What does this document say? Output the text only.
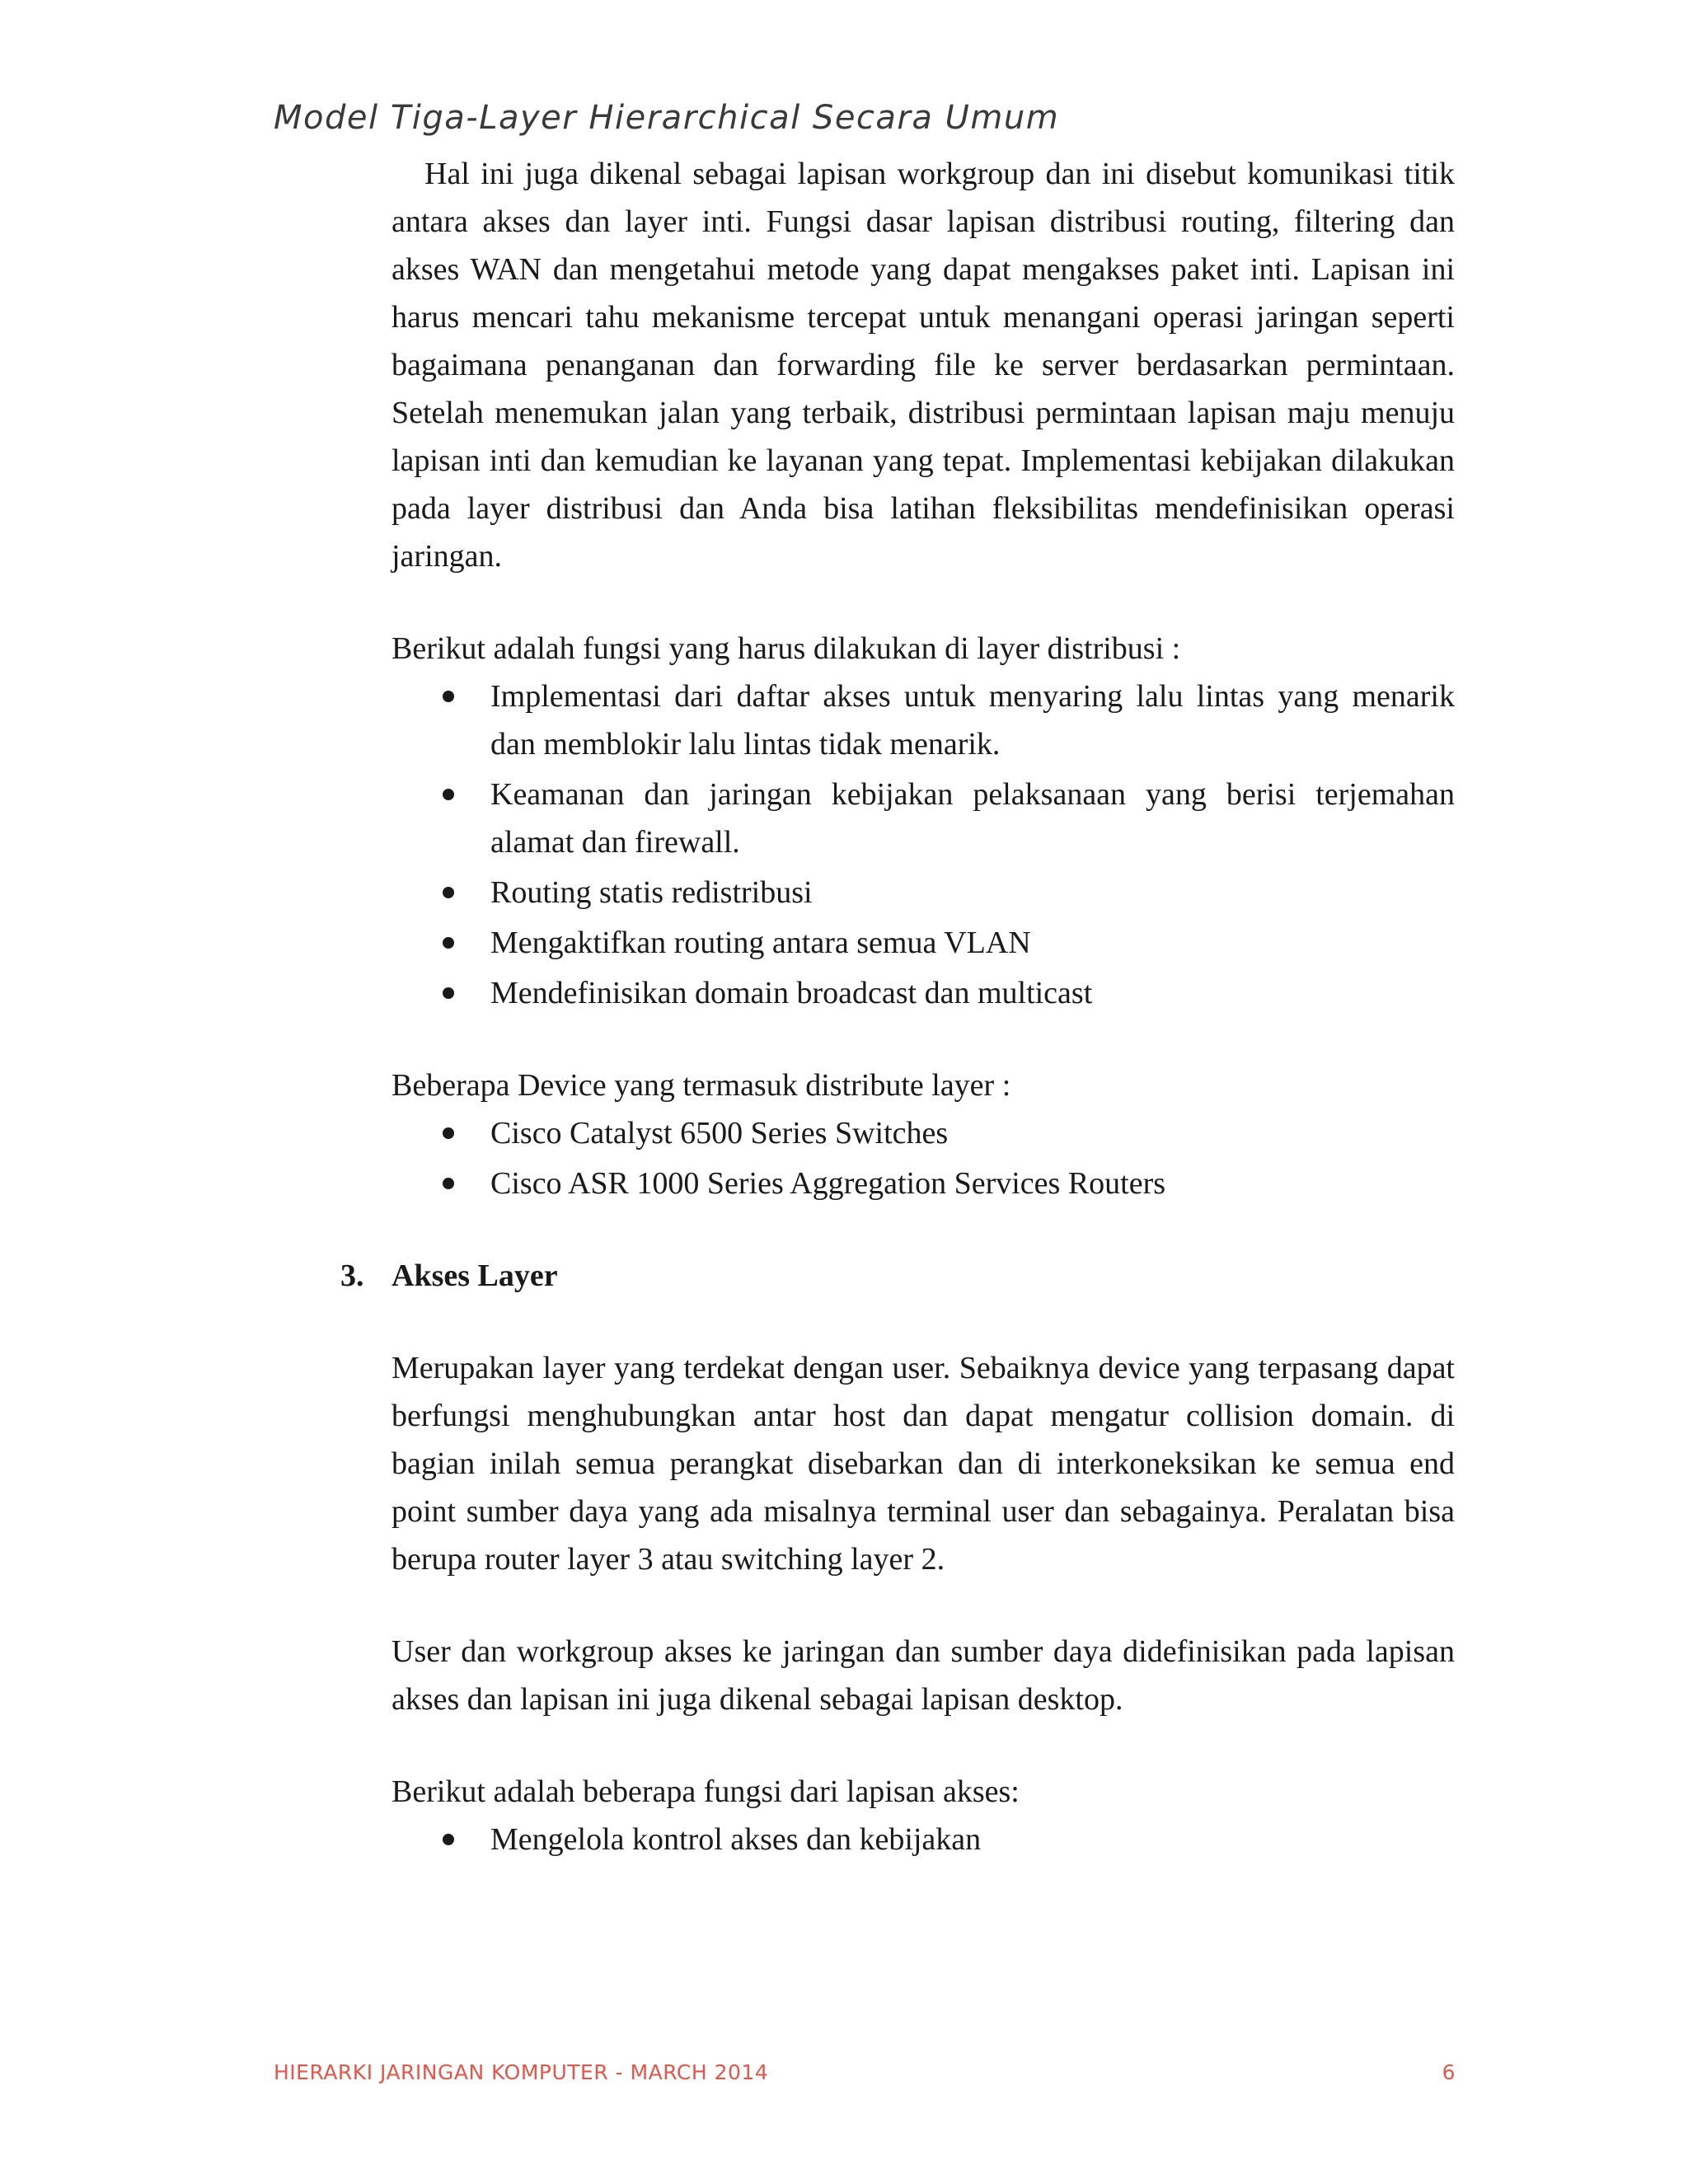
Model Tiga-Layer Hierarchical Secara Umum

Hal ini juga dikenal sebagai lapisan workgroup dan ini disebut komunikasi titik antara akses dan layer inti. Fungsi dasar lapisan distribusi routing, filtering dan akses WAN dan mengetahui metode yang dapat mengakses paket inti. Lapisan ini harus mencari tahu mekanisme tercepat untuk menangani operasi jaringan seperti bagaimana penanganan dan forwarding file ke server berdasarkan permintaan. Setelah menemukan jalan yang terbaik, distribusi permintaan lapisan maju menuju lapisan inti dan kemudian ke layanan yang tepat. Implementasi kebijakan dilakukan pada layer distribusi dan Anda bisa latihan fleksibilitas mendefinisikan operasi jaringan.

Berikut adalah fungsi yang harus dilakukan di layer distribusi :

Implementasi dari daftar akses untuk menyaring lalu lintas yang menarik dan memblokir lalu lintas tidak menarik.
Keamanan dan jaringan kebijakan pelaksanaan yang berisi terjemahan alamat dan firewall.
Routing statis redistribusi
Mengaktifkan routing antara semua VLAN
Mendefinisikan domain broadcast dan multicast

Beberapa Device yang termasuk distribute layer :

Cisco Catalyst 6500 Series Switches
Cisco ASR 1000 Series Aggregation Services Routers
3. Akses Layer

Merupakan layer yang terdekat dengan user. Sebaiknya device yang terpasang dapat berfungsi menghubungkan antar host dan dapat mengatur collision domain. di bagian inilah semua perangkat disebarkan dan di interkoneksikan ke semua end point sumber daya yang ada misalnya terminal user dan sebagainya. Peralatan bisa berupa router layer 3 atau switching layer 2.

User dan workgroup akses ke jaringan dan sumber daya didefinisikan pada lapisan akses dan lapisan ini juga dikenal sebagai lapisan desktop.

Berikut adalah beberapa fungsi dari lapisan akses:

Mengelola kontrol akses dan kebijakan
HIERARKI JARINGAN KOMPUTER - MARCH 2014	6
